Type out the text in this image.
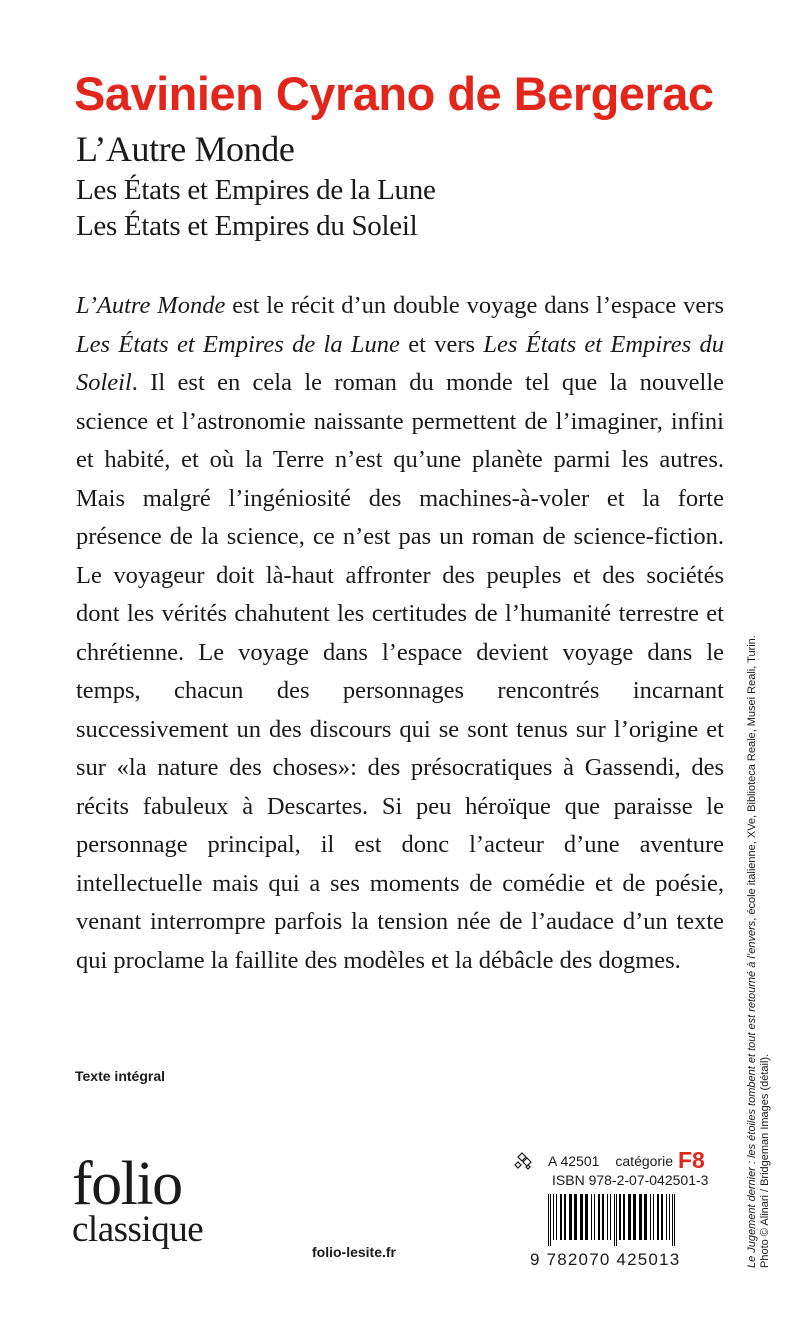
Savinien Cyrano de Bergerac
L’Autre Monde
Les États et Empires de la Lune
Les États et Empires du Soleil

L’Autre Monde est le récit d’un double voyage dans l’espace vers Les États et Empires de la Lune et vers Les États et Empires du Soleil. Il est en cela le roman du monde tel que la nouvelle science et l’astronomie naissante permettent de l’imaginer, infini et habité, et où la Terre n’est qu’une planète parmi les autres. Mais malgré l’ingéniosité des machines-à-voler et la forte présence de la science, ce n’est pas un roman de science-fiction. Le voyageur doit là-haut affronter des peuples et des sociétés dont les vérités chahutent les certitudes de l’humanité terrestre et chrétienne. Le voyage dans l’espace devient voyage dans le temps, chacun des personnages rencontrés incarnant successivement un des discours qui se sont tenus sur l’origine et sur «la nature des choses»: des présocratiques à Gassendi, des récits fabuleux à Descartes. Si peu héroïque que paraisse le personnage principal, il est donc l’acteur d’une aventure intellectuelle mais qui a ses moments de comédie et de poésie, venant interrompre parfois la tension née de l’audace d’un texte qui proclame la faillite des modèles et la débâcle des dogmes.

Texte intégral
folio
classique
folio-lesite.fr
A 42501 catégorie F8
ISBN 978-2-07-042501-3
9 782070 425013	Le Jugement dernier : les étoiles tombent et tout est retourné à l’envers, école italienne, XVe, Biblioteca Reale, Musei Reali, Turin.
Photo © Alinari / Bridgeman Images (détail).
